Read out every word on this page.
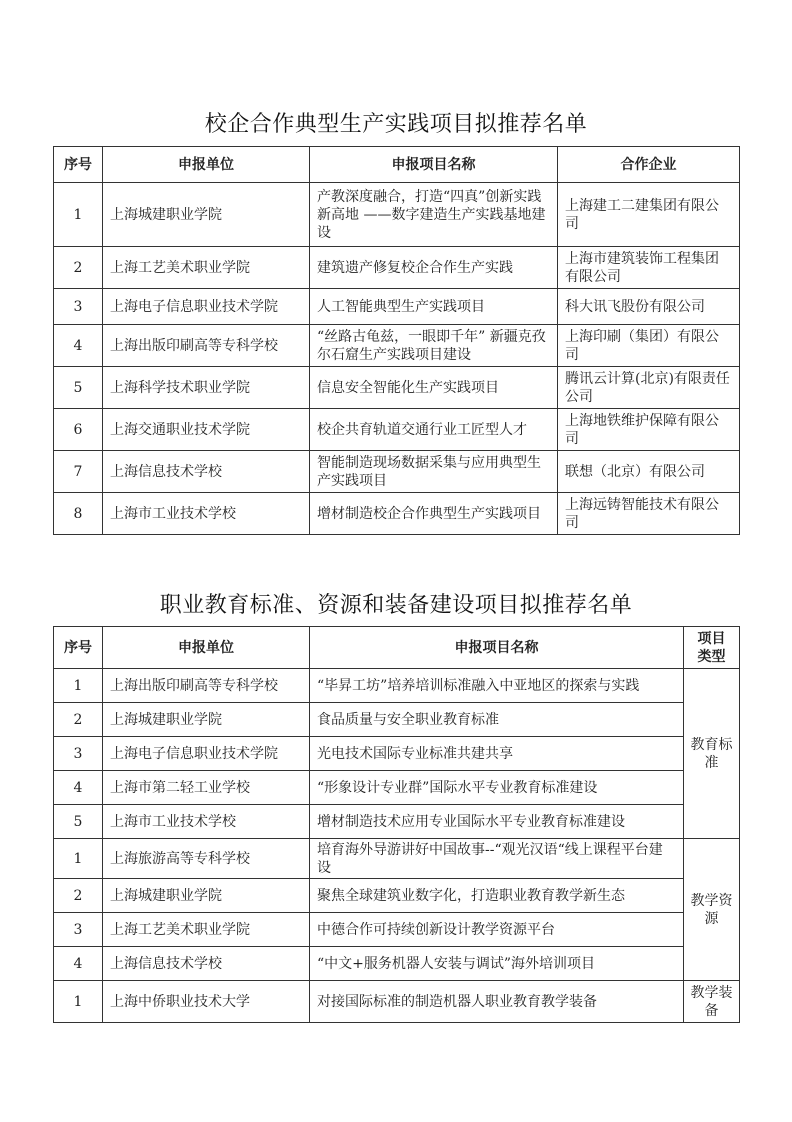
校企合作典型生产实践项目拟推荐名单
序号	申报单位	申报项目名称	合作企业
1	上海城建职业学院	产教深度融合，打造“四真”创新实践新高地 ——数字建造生产实践基地建设	上海建工二建集团有限公司
2	上海工艺美术职业学院	建筑遗产修复校企合作生产实践	上海市建筑装饰工程集团有限公司
3	上海电子信息职业技术学院	人工智能典型生产实践项目	科大讯飞股份有限公司
4	上海出版印刷高等专科学校	“丝路古龟兹，一眼即千年” 新疆克孜尔石窟生产实践项目建设	上海印刷（集团）有限公司
5	上海科学技术职业学院	信息安全智能化生产实践项目	腾讯云计算(北京)有限责任公司
6	上海交通职业技术学院	校企共育轨道交通行业工匠型人才	上海地铁维护保障有限公司
7	上海信息技术学校	智能制造现场数据采集与应用典型生产实践项目	联想（北京）有限公司
8	上海市工业技术学校	增材制造校企合作典型生产实践项目	上海远铸智能技术有限公司
职业教育标准、资源和装备建设项目拟推荐名单
序号	申报单位	申报项目名称	项目类型
1	上海出版印刷高等专科学校	“毕昇工坊”培养培训标准融入中亚地区的探索与实践	教育标准
2	上海城建职业学院	食品质量与安全职业教育标准	
3	上海电子信息职业技术学院	光电技术国际专业标准共建共享	
4	上海市第二轻工业学校	“形象设计专业群”国际水平专业教育标准建设	
5	上海市工业技术学校	增材制造技术应用专业国际水平专业教育标准建设	
1	上海旅游高等专科学校	培育海外导游讲好中国故事--“观光汉语“线上课程平台建设	教学资源
2	上海城建职业学院	聚焦全球建筑业数字化，打造职业教育教学新生态	
3	上海工艺美术职业学院	中德合作可持续创新设计教学资源平台	
4	上海信息技术学校	“中文+服务机器人安装与调试”海外培训项目	
1	上海中侨职业技术大学	对接国际标准的制造机器人职业教育教学装备	教学装备
